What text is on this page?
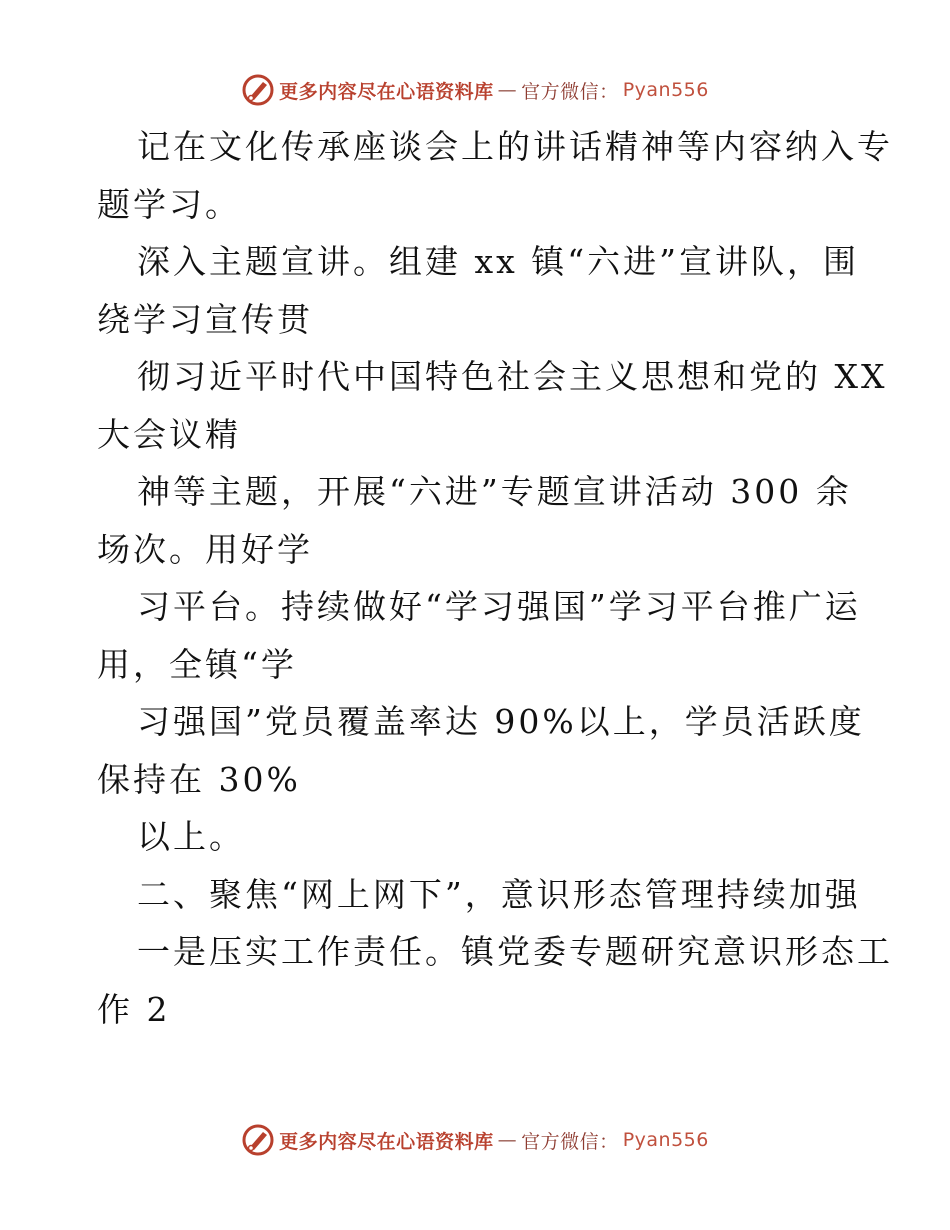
更多内容尽在心语资料库 — 官方微信： Pyan556
记在文化传承座谈会上的讲话精神等内容纳入专
题学习。
深入主题宣讲。组建 xx 镇“六进”宣讲队，围
绕学习宣传贯
彻习近平时代中国特色社会主义思想和党的 XX
大会议精
神等主题，开展“六进”专题宣讲活动 300 余
场次。用好学
习平台。持续做好“学习强国”学习平台推广运
用，全镇“学
习强国”党员覆盖率达 90%以上，学员活跃度
保持在 30%
以上。
二、聚焦“网上网下”，意识形态管理持续加强
一是压实工作责任。镇党委专题研究意识形态工
作 2
更多内容尽在心语资料库 — 官方微信： Pyan556
